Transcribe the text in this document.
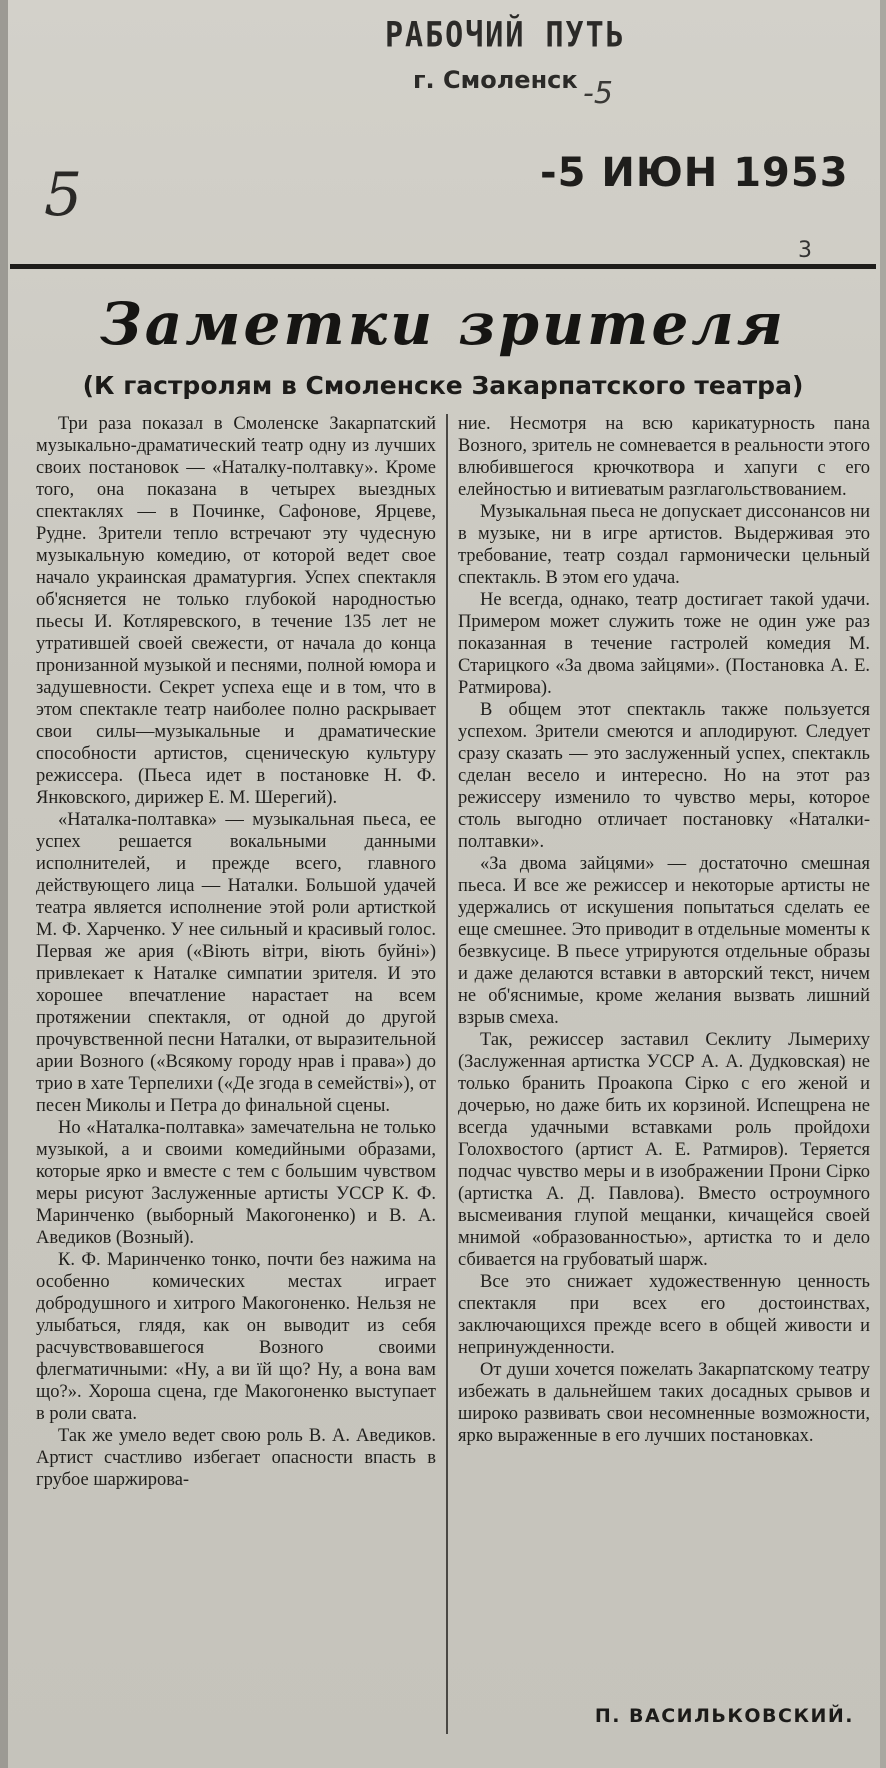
РАБОЧИЙ ПУТЬ
г. Смоленск -5
5	-5 ИЮН 1953
3
Заметки зрителя
(К гастролям в Смоленске Закарпатского театра)

Три раза показал в Смоленске Закарпатский музыкально-драматический театр одну из лучших своих постановок — «Наталку-полтавку». Кроме того, она показана в четырех выездных спектаклях — в Починке, Сафонове, Ярцеве, Рудне. Зрители тепло встречают эту чудесную музыкальную комедию, от которой ведет свое начало украинская драматургия. Успех спектакля об'ясняется не только глубокой народностью пьесы И. Котляревского, в течение 135 лет не утратившей своей свежести, от начала до конца пронизанной музыкой и песнями, полной юмора и задушевности. Секрет успеха еще и в том, что в этом спектакле театр наиболее полно раскрывает свои силы—музыкальные и драматические способности артистов, сценическую культуру режиссера. (Пьеса идет в постановке Н. Ф. Янковского, дирижер Е. М. Шерегий).

«Наталка-полтавка» — музыкальная пьеса, ее успех решается вокальными данными исполнителей, и прежде всего, главного действующего лица — Наталки. Большой удачей театра является исполнение этой роли артисткой М. Ф. Харченко. У нее сильный и красивый голос. Первая же ария («Віють вітри, віють буйні») привлекает к Наталке симпатии зрителя. И это хорошее впечатление нарастает на всем протяжении спектакля, от одной до другой прочувственной песни Наталки, от выразительной арии Возного («Всякому городу нрав і права») до трио в хате Терпелихи («Де згода в семействі»), от песен Миколы и Петра до финальной сцены.

Но «Наталка-полтавка» замечательна не только музыкой, а и своими комедийными образами, которые ярко и вместе с тем с большим чувством меры рисуют Заслуженные артисты УССР К. Ф. Маринченко (выборный Макогоненко) и В. А. Аведиков (Возный).

К. Ф. Маринченко тонко, почти без нажима на особенно комических местах играет добродушного и хитрого Макогоненко. Нельзя не улыбаться, глядя, как он выводит из себя расчувствовавшегося Возного своими флегматичными: «Ну, а ви їй що? Ну, а вона вам що?». Хороша сцена, где Макогоненко выступает в роли свата.

Так же умело ведет свою роль В. А. Аведиков. Артист счастливо избегает опасности впасть в грубое шаржирова-

ние. Несмотря на всю карикатурность пана Возного, зритель не сомневается в реальности этого влюбившегося крючкотвора и хапуги с его елейностью и витиеватым разглагольствованием.

Музыкальная пьеса не допускает диссонансов ни в музыке, ни в игре артистов. Выдерживая это требование, театр создал гармонически цельный спектакль. В этом его удача.

Не всегда, однако, театр достигает такой удачи. Примером может служить тоже не один уже раз показанная в течение гастролей комедия М. Старицкого «За двома зайцями». (Постановка А. Е. Ратмирова).

В общем этот спектакль также пользуется успехом. Зрители смеются и аплодируют. Следует сразу сказать — это заслуженный успех, спектакль сделан весело и интересно. Но на этот раз режиссеру изменило то чувство меры, которое столь выгодно отличает постановку «Наталки-полтавки».

«За двома зайцями» — достаточно смешная пьеса. И все же режиссер и некоторые артисты не удержались от искушения попытаться сделать ее еще смешнее. Это приводит в отдельные моменты к безвкусице. В пьесе утрируются отдельные образы и даже делаются вставки в авторский текст, ничем не об'яснимые, кроме желания вызвать лишний взрыв смеха.

Так, режиссер заставил Секлиту Лымериху (Заслуженная артистка УССР А. А. Дудковская) не только бранить Проакопа Сірко с его женой и дочерью, но даже бить их корзиной. Испещрена не всегда удачными вставками роль пройдохи Голохвостого (артист А. Е. Ратмиров). Теряется подчас чувство меры и в изображении Прони Сірко (артистка А. Д. Павлова). Вместо остроумного высмеивания глупой мещанки, кичащейся своей мнимой «образованностью», артистка то и дело сбивается на грубоватый шарж.

Все это снижает художественную ценность спектакля при всех его достоинствах, заключающихся прежде всего в общей живости и непринужденности.

От души хочется пожелать Закарпатскому театру избежать в дальнейшем таких досадных срывов и широко развивать свои несомненные возможности, ярко выраженные в его лучших постановках.

П. ВАСИЛЬКОВСКИЙ.
